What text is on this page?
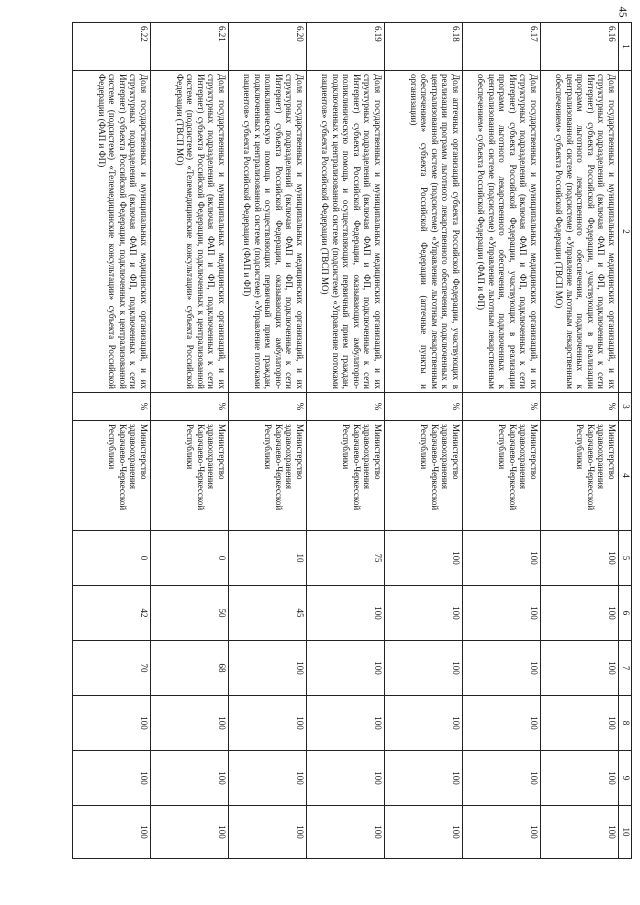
45
1	2	3	4	5	6	7	8	9	10
6.16	Доля государственных и муниципальных медицинских организаций, и их структурных подразделений (включая ФАП и ФП, подключенных к сети Интернет) субъекта Российской Федерации, участвующих в реализации программ льготного лекарственного обеспечения, подключенных к централизованной системе (подсистеме) «Управление льготным лекарственным обеспечением» субъекта Российской Федерации (ТВСП МО)	%	Министерство здравоохранения Карачаево-Черкесской Республики	100	100	100	100	100	100
6.17	Доля государственных и муниципальных медицинских организаций, и их структурных подразделений (включая ФАП и ФП, подключенных к сети Интернет) субъекта Российской Федерации, участвующих в реализации программ льготного лекарственного обеспечения, подключенных к централизованной системе (подсистеме) «Управление льготным лекарственным обеспечением» субъекта Российской Федерации (ФАП и ФП)	%	Министерство здравоохранения Карачаево-Черкесской Республики	100	100	100	100	100	100
6.18	Доля аптечных организаций субъекта Российской Федерации, участвующих в реализации программ льготного лекарственного обеспечения, подключенных к централизованной системе (подсистеме) «Управление льготным лекарственным обеспечением» субъекта Российской Федерации (аптечные пункты и организации)	%	Министерство здравоохранения Карачаево-Черкесской Республики	100	100	100	100	100	100
6.19	Доля государственных и муниципальных медицинских организаций, и их структурных подразделений (включая ФАП и ФП, подключенные к сети Интернет) субъекта Российской Федерации, оказывающих амбулаторно-поликлиническую помощь и осуществляющих первичный прием граждан, подключенных к централизованной системе (подсистеме) «Управление потоками пациентов» субъекта Российской Федерации (ТВСП МО)	%	Министерство здравоохранения Карачаево-Черкесской Республики	75	100	100	100	100	100
6.20	Доля государственных и муниципальных медицинских организаций, и их структурных подразделений (включая ФАП и ФП, подключенные к сети Интернет) субъекта Российской Федерации, оказывающих амбулаторно-поликлиническую помощь и осуществляющих первичный прием граждан, подключенных к централизованной системе (подсистеме) «Управление потоками пациентов» субъекта Российской Федерации (ФАП и ФП)	%	Министерство здравоохранения Карачаево-Черкесской Республики	10	45	100	100	100	100
6.21	Доля государственных и муниципальных медицинских организаций, и их структурных подразделений (включая ФАП и ФП, подключенных к сети Интернет) субъекта Российской Федерации, подключенных к централизованной системе (подсистеме) «Телемедицинские консультации» субъекта Российской Федерации (ТВСП МО)	%	Министерство здравоохранения Карачаево-Черкесской Республики	0	50	68	100	100	100
6.22	Доля государственных и муниципальных медицинских организаций, и их структурных подразделений (включая ФАП и ФП, подключенных к сети Интернет) субъекта Российской Федерации, подключенных к централизованной системе (подсистеме) «Телемедицинские консультации» субъекта Российской Федерации (ФАП и ФП)	%	Министерство здравоохранения Карачаево-Черкесской Республики	0	42	70	100	100	100
